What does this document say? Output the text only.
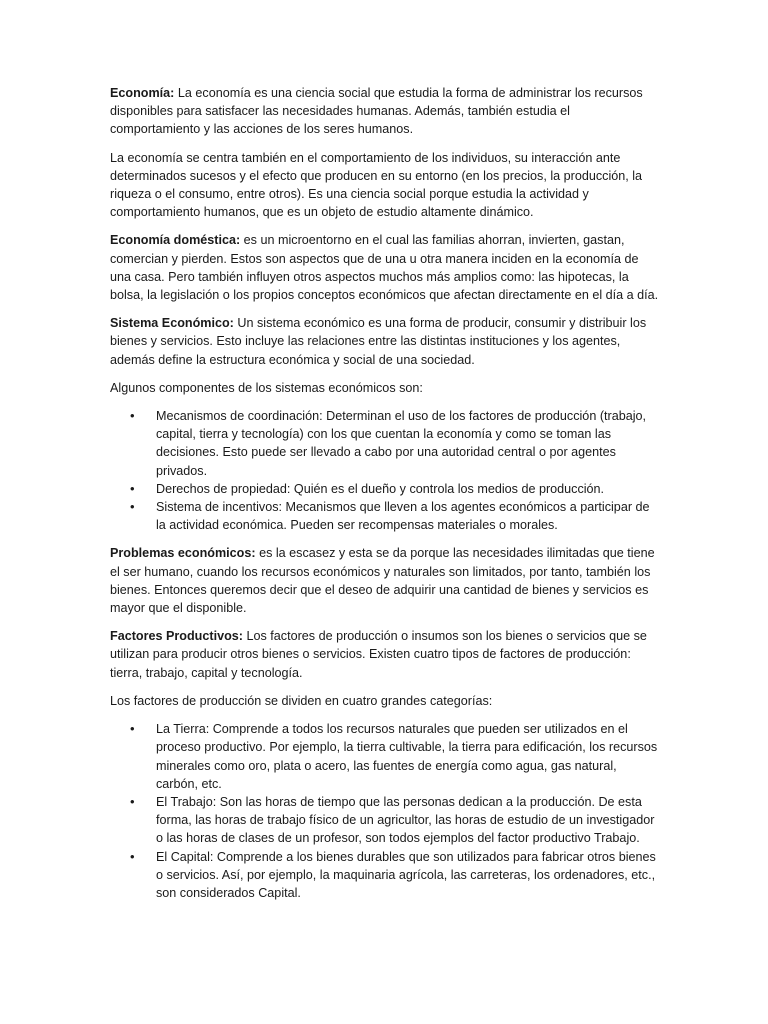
Economía: La economía es una ciencia social que estudia la forma de administrar los recursos disponibles para satisfacer las necesidades humanas. Además, también estudia el comportamiento y las acciones de los seres humanos.

La economía se centra también en el comportamiento de los individuos, su interacción ante determinados sucesos y el efecto que producen en su entorno (en los precios, la producción, la riqueza o el consumo, entre otros). Es una ciencia social porque estudia la actividad y comportamiento humanos, que es un objeto de estudio altamente dinámico.

Economía doméstica: es un microentorno en el cual las familias ahorran, invierten, gastan, comercian y pierden. Estos son aspectos que de una u otra manera inciden en la economía de una casa. Pero también influyen otros aspectos muchos más amplios como: las hipotecas, la bolsa, la legislación o los propios conceptos económicos que afectan directamente en el día a día.

Sistema Económico: Un sistema económico es una forma de producir, consumir y distribuir los bienes y servicios. Esto incluye las relaciones entre las distintas instituciones y los agentes, además define la estructura económica y social de una sociedad.

Algunos componentes de los sistemas económicos son:

• Mecanismos de coordinación: Determinan el uso de los factores de producción (trabajo, capital, tierra y tecnología) con los que cuentan la economía y como se toman las decisiones. Esto puede ser llevado a cabo por una autoridad central o por agentes privados.
• Derechos de propiedad: Quién es el dueño y controla los medios de producción.
• Sistema de incentivos: Mecanismos que lleven a los agentes económicos a participar de la actividad económica. Pueden ser recompensas materiales o morales.

Problemas económicos: es la escasez y esta se da porque las necesidades ilimitadas que tiene el ser humano, cuando los recursos económicos y naturales son limitados, por tanto, también los bienes. Entonces queremos decir que el deseo de adquirir una cantidad de bienes y servicios es mayor que el disponible.

Factores Productivos: Los factores de producción o insumos son los bienes o servicios que se utilizan para producir otros bienes o servicios. Existen cuatro tipos de factores de producción: tierra, trabajo, capital y tecnología.

Los factores de producción se dividen en cuatro grandes categorías:

• La Tierra: Comprende a todos los recursos naturales que pueden ser utilizados en el proceso productivo. Por ejemplo, la tierra cultivable, la tierra para edificación, los recursos minerales como oro, plata o acero, las fuentes de energía como agua, gas natural, carbón, etc.
• El Trabajo: Son las horas de tiempo que las personas dedican a la producción. De esta forma, las horas de trabajo físico de un agricultor, las horas de estudio de un investigador o las horas de clases de un profesor, son todos ejemplos del factor productivo Trabajo.
• El Capital: Comprende a los bienes durables que son utilizados para fabricar otros bienes o servicios. Así, por ejemplo, la maquinaria agrícola, las carreteras, los ordenadores, etc., son considerados Capital.
